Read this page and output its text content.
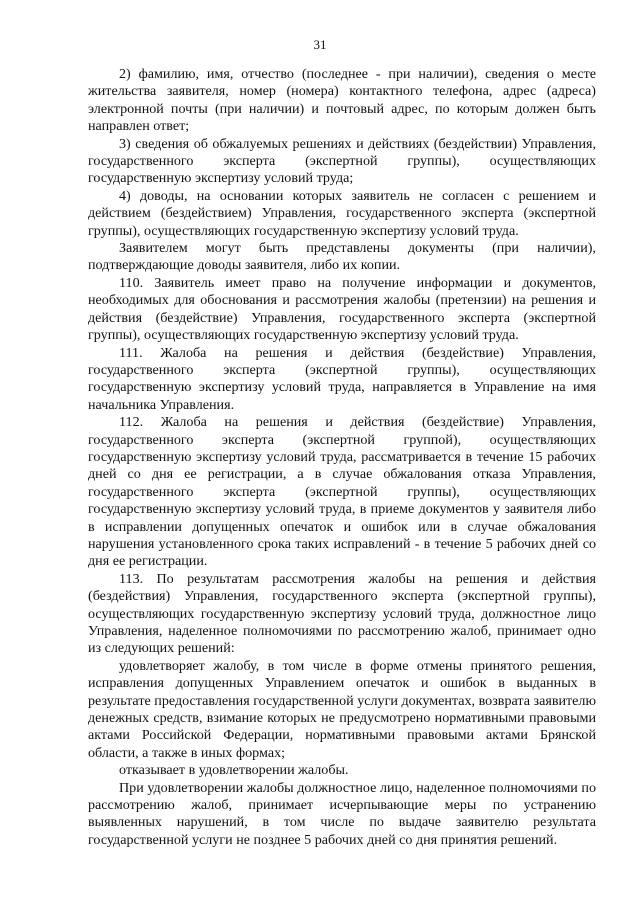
31

2) фамилию, имя, отчество (последнее - при наличии), сведения о месте жительства заявителя, номер (номера) контактного телефона, адрес (адреса) электронной почты (при наличии) и почтовый адрес, по которым должен быть направлен ответ;

3) сведения об обжалуемых решениях и действиях (бездействии) Управления, государственного эксперта (экспертной группы), осуществляющих государственную экспертизу условий труда;

4) доводы, на основании которых заявитель не согласен с решением и действием (бездействием) Управления, государственного эксперта (экспертной группы), осуществляющих государственную экспертизу условий труда.

Заявителем могут быть представлены документы (при наличии), подтверждающие доводы заявителя, либо их копии.

110. Заявитель имеет право на получение информации и документов, необходимых для обоснования и рассмотрения жалобы (претензии) на решения и действия (бездействие) Управления, государственного эксперта (экспертной группы), осуществляющих государственную экспертизу условий труда.

111. Жалоба на решения и действия (бездействие) Управления, государственного эксперта (экспертной группы), осуществляющих государственную экспертизу условий труда, направляется в Управление на имя начальника Управления.

112. Жалоба на решения и действия (бездействие) Управления, государственного эксперта (экспертной группой), осуществляющих государственную экспертизу условий труда, рассматривается в течение 15 рабочих дней со дня ее регистрации, а в случае обжалования отказа Управления, государственного эксперта (экспертной группы), осуществляющих государственную экспертизу условий труда, в приеме документов у заявителя либо в исправлении допущенных опечаток и ошибок или в случае обжалования нарушения установленного срока таких исправлений - в течение 5 рабочих дней со дня ее регистрации.

113. По результатам рассмотрения жалобы на решения и действия (бездействия) Управления, государственного эксперта (экспертной группы), осуществляющих государственную экспертизу условий труда, должностное лицо Управления, наделенное полномочиями по рассмотрению жалоб, принимает одно из следующих решений:

удовлетворяет жалобу, в том числе в форме отмены принятого решения, исправления допущенных Управлением опечаток и ошибок в выданных в результате предоставления государственной услуги документах, возврата заявителю денежных средств, взимание которых не предусмотрено нормативными правовыми актами Российской Федерации, нормативными правовыми актами Брянской области, а также в иных формах;

отказывает в удовлетворении жалобы.

При удовлетворении жалобы должностное лицо, наделенное полномочиями по рассмотрению жалоб, принимает исчерпывающие меры по устранению выявленных нарушений, в том числе по выдаче заявителю результата государственной услуги не позднее 5 рабочих дней со дня принятия решений.
